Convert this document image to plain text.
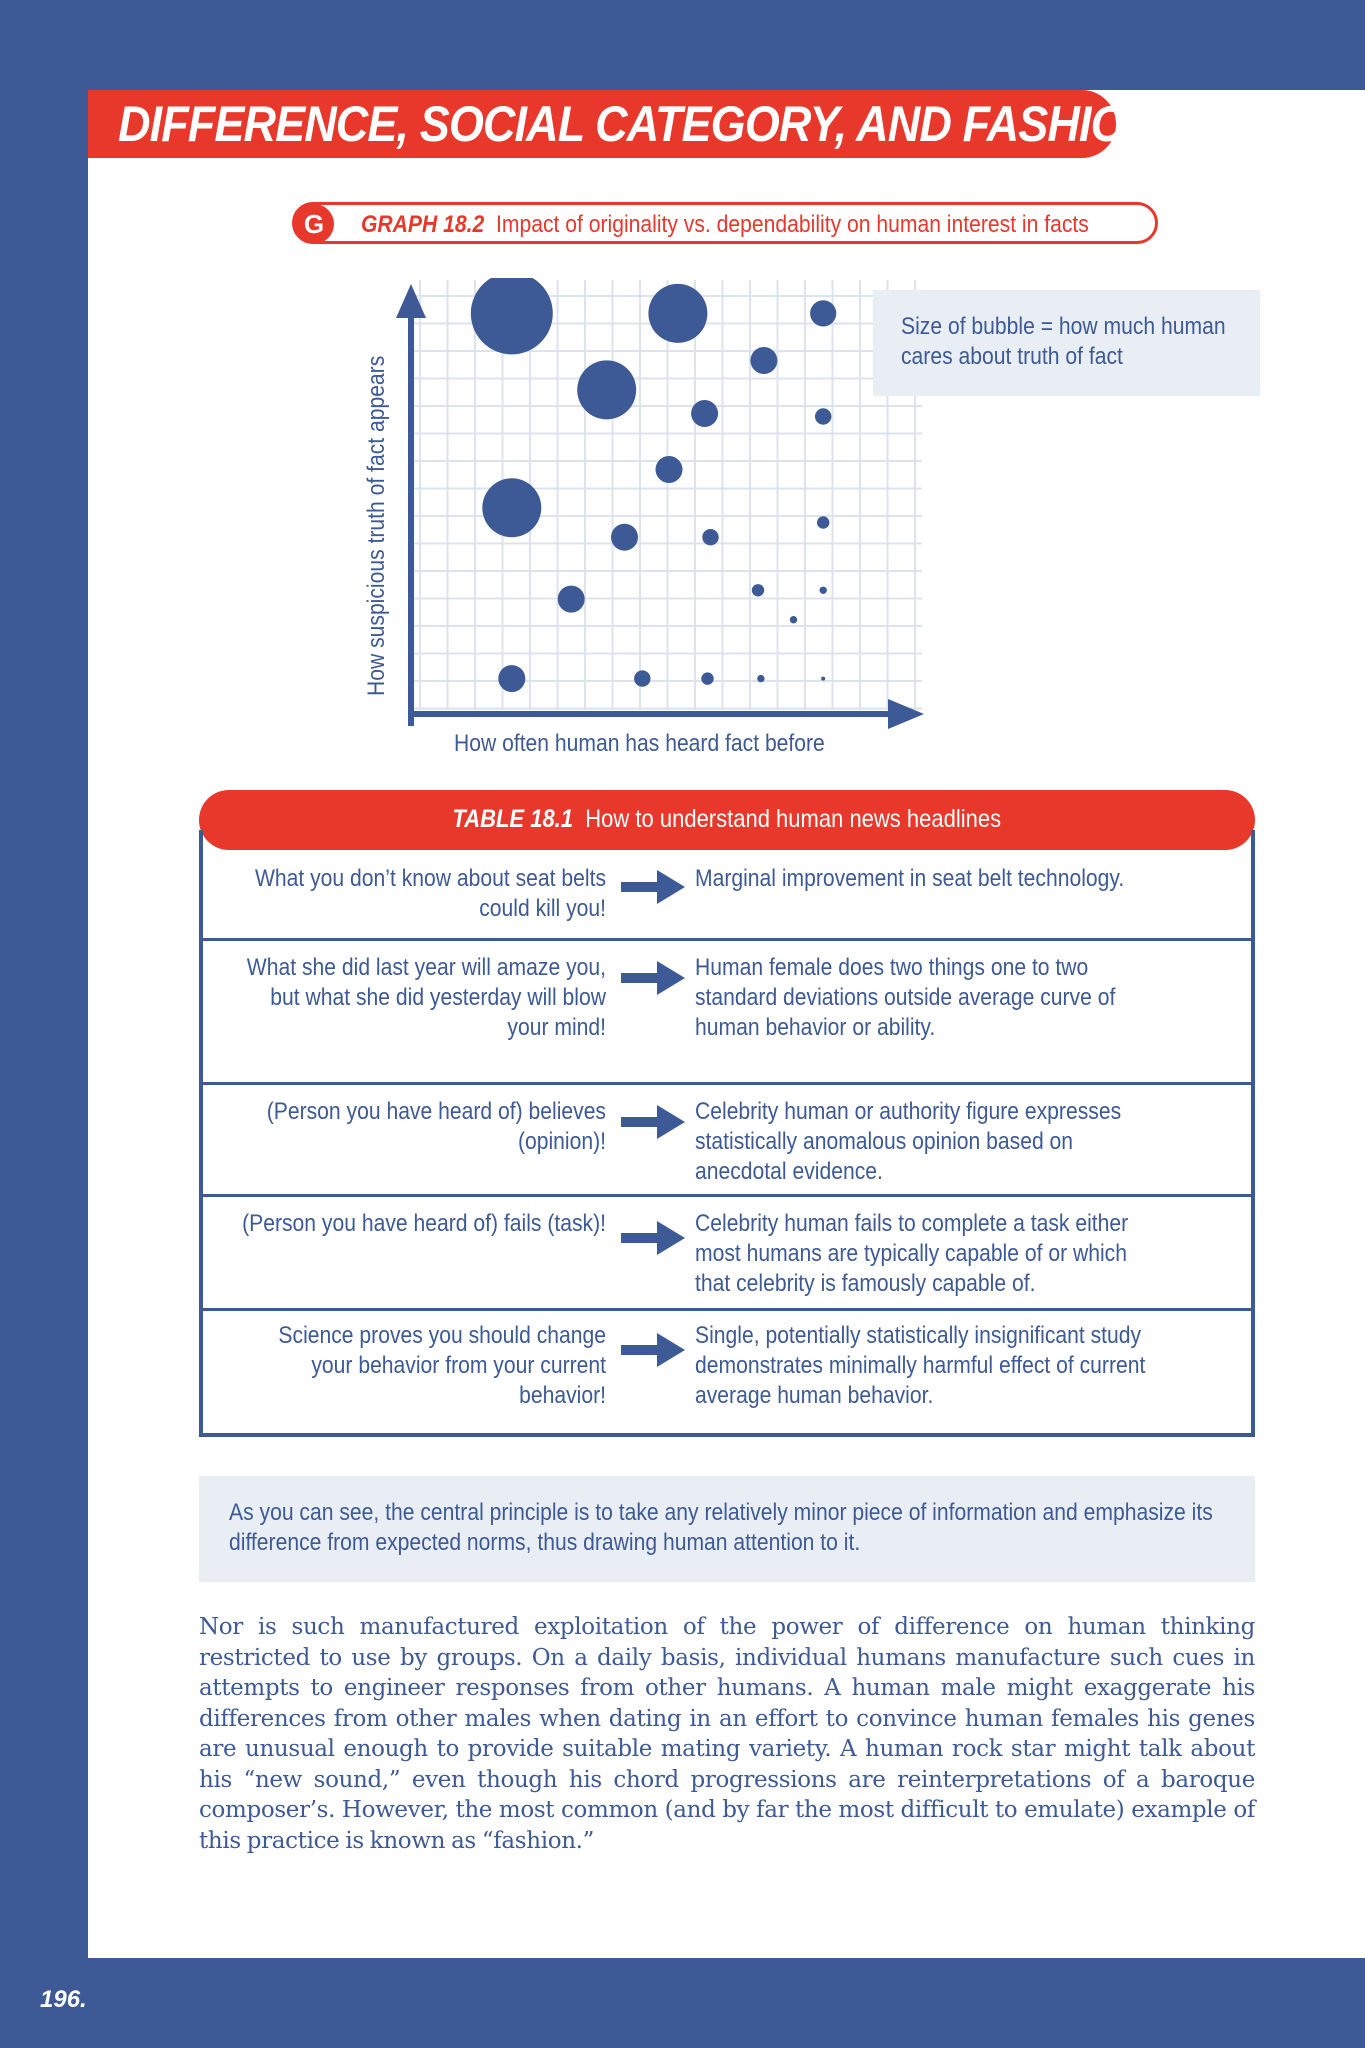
196.
DIFFERENCE, SOCIAL CATEGORY, AND FASHION
G	GRAPH 18.2 Impact of originality vs. dependability on human interest in facts
How often human has heard fact before
How suspicious truth of fact appears
Size of bubble = how much human cares about truth of fact
TABLE 18.1 How to understand human news headlines
What you don’t know about seat belts could kill you!
Marginal improvement in seat belt technology.
What she did last year will amaze you, but what she did yesterday will blow your mind!
Human female does two things one to two standard deviations outside average curve of human behavior or ability.
(Person you have heard of) believes (opinion)!
Celebrity human or authority figure expresses statistically anomalous opinion based on anecdotal evidence.
(Person you have heard of) fails (task)!	Celebrity human fails to complete a task either most humans are typically capable of or which that celebrity is famously capable of.
Science proves you should change your behavior from your current behavior!
Single, potentially statistically insignificant study demonstrates minimally harmful effect of current average human behavior.
As you can see, the central principle is to take any relatively minor piece of information and emphasize its difference from expected norms, thus drawing human attention to it.
Nor is such manufactured exploitation of the power of difference on human thinking restricted to use by groups. On a daily basis, individual humans manufacture such cues in attempts to engineer responses from other humans. A human male might exaggerate his differences from other males when dating in an effort to convince human females his genes are unusual enough to provide suitable mating variety. A human rock star might talk about his “new sound,” even though his chord progressions are reinterpretations of a baroque composer’s. However, the most common (and by far the most difficult to emulate) example of this practice is known as “fashion.”
